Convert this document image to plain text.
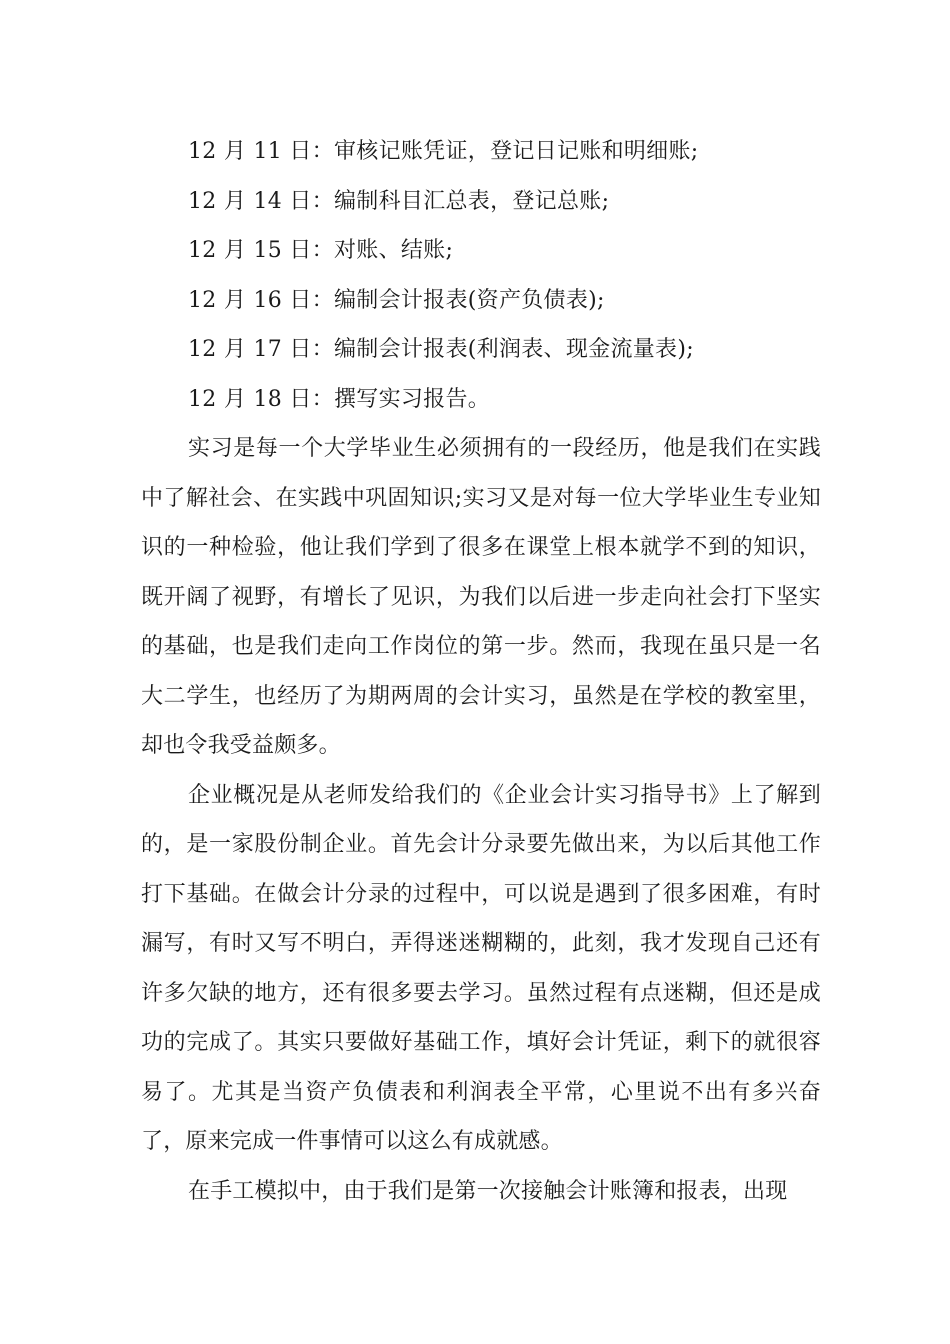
12 月 11 日：审核记账凭证，登记日记账和明细账;
12 月 14 日：编制科目汇总表，登记总账;
12 月 15 日：对账、结账;
12 月 16 日：编制会计报表(资产负债表);
12 月 17 日：编制会计报表(利润表、现金流量表);
12 月 18 日：撰写实习报告。

实习是每一个大学毕业生必须拥有的一段经历，他是我们在实践中了解社会、在实践中巩固知识;实习又是对每一位大学毕业生专业知识的一种检验，他让我们学到了很多在课堂上根本就学不到的知识，既开阔了视野，有增长了见识，为我们以后进一步走向社会打下坚实的基础，也是我们走向工作岗位的第一步。然而，我现在虽只是一名大二学生，也经历了为期两周的会计实习，虽然是在学校的教室里，却也令我受益颇多。

企业概况是从老师发给我们的《企业会计实习指导书》上了解到的，是一家股份制企业。首先会计分录要先做出来，为以后其他工作打下基础。在做会计分录的过程中，可以说是遇到了很多困难，有时漏写，有时又写不明白，弄得迷迷糊糊的，此刻，我才发现自己还有许多欠缺的地方，还有很多要去学习。虽然过程有点迷糊，但还是成功的完成了。其实只要做好基础工作，填好会计凭证，剩下的就很容易了。尤其是当资产负债表和利润表全平常，心里说不出有多兴奋了，原来完成一件事情可以这么有成就感。

在手工模拟中，由于我们是第一次接触会计账簿和报表，出现
